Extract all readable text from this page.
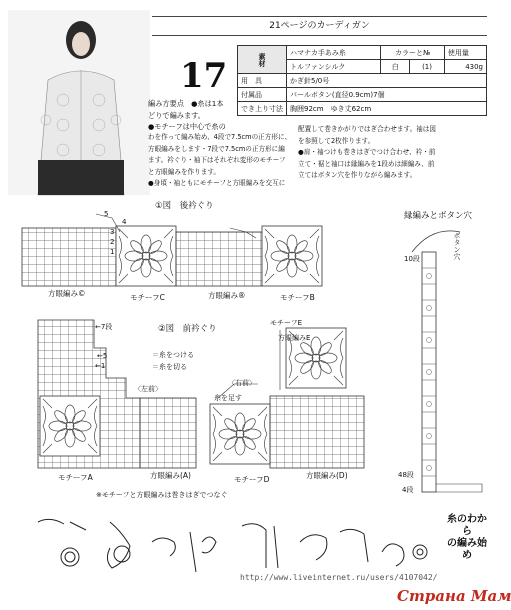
21ページのカーディガン
17	素材	ハマナカ手あみ糸	カラーと№		使用量
	トルファンシルク	白	(1)	430g
用　具	かぎ針5/0号			
付属品	パールボタン(直径0.9cm)7個			
でき上り寸法	胸囲92cm　ゆき丈62cm			
編み方要点　●糸は1本
どりで編みます。
●モチーフは中心で糸の
わを作って編み始め、4段で7.5cmの正方形に、
方眼編みをします・7段で7.5cmの正方形に編
ます。衿ぐり・袖下はそれぞれ変形のモチーフ
と方眼編みを作ります。
●身頃・袖ともにモチーフと方眼編みを交互に
配置して巻きかがりではぎ合わせます。袖は図
を参照して2枚作ります。
●肩・袖つけも巻きはぎでつけ合わせ、衿・前
立て・裾と袖口は縁編みを1段めは細編み、前
立てはボタン穴を作りながら編みます。
①図　後衿ぐり
5
4
3
2
1
方眼編み©	モチーフC	方眼編み®	モチーフB
②図　前衿ぐり
←7段
←5
←1
＝糸をつける
＝糸を切る
〈左前〉
〈右前〉
糸を足す
モチーフE
方眼編みE
モチーフA	方眼編み(A)	モチーフD	方眼編み(D)
※モチーフと方眼編みは巻きはぎでつなぐ
縁編みとボタン穴
10段
48段
4段
ボタン穴
糸のわから
の編み始め
http://www.liveinternet.ru/users/4107042/
Страна Мам
